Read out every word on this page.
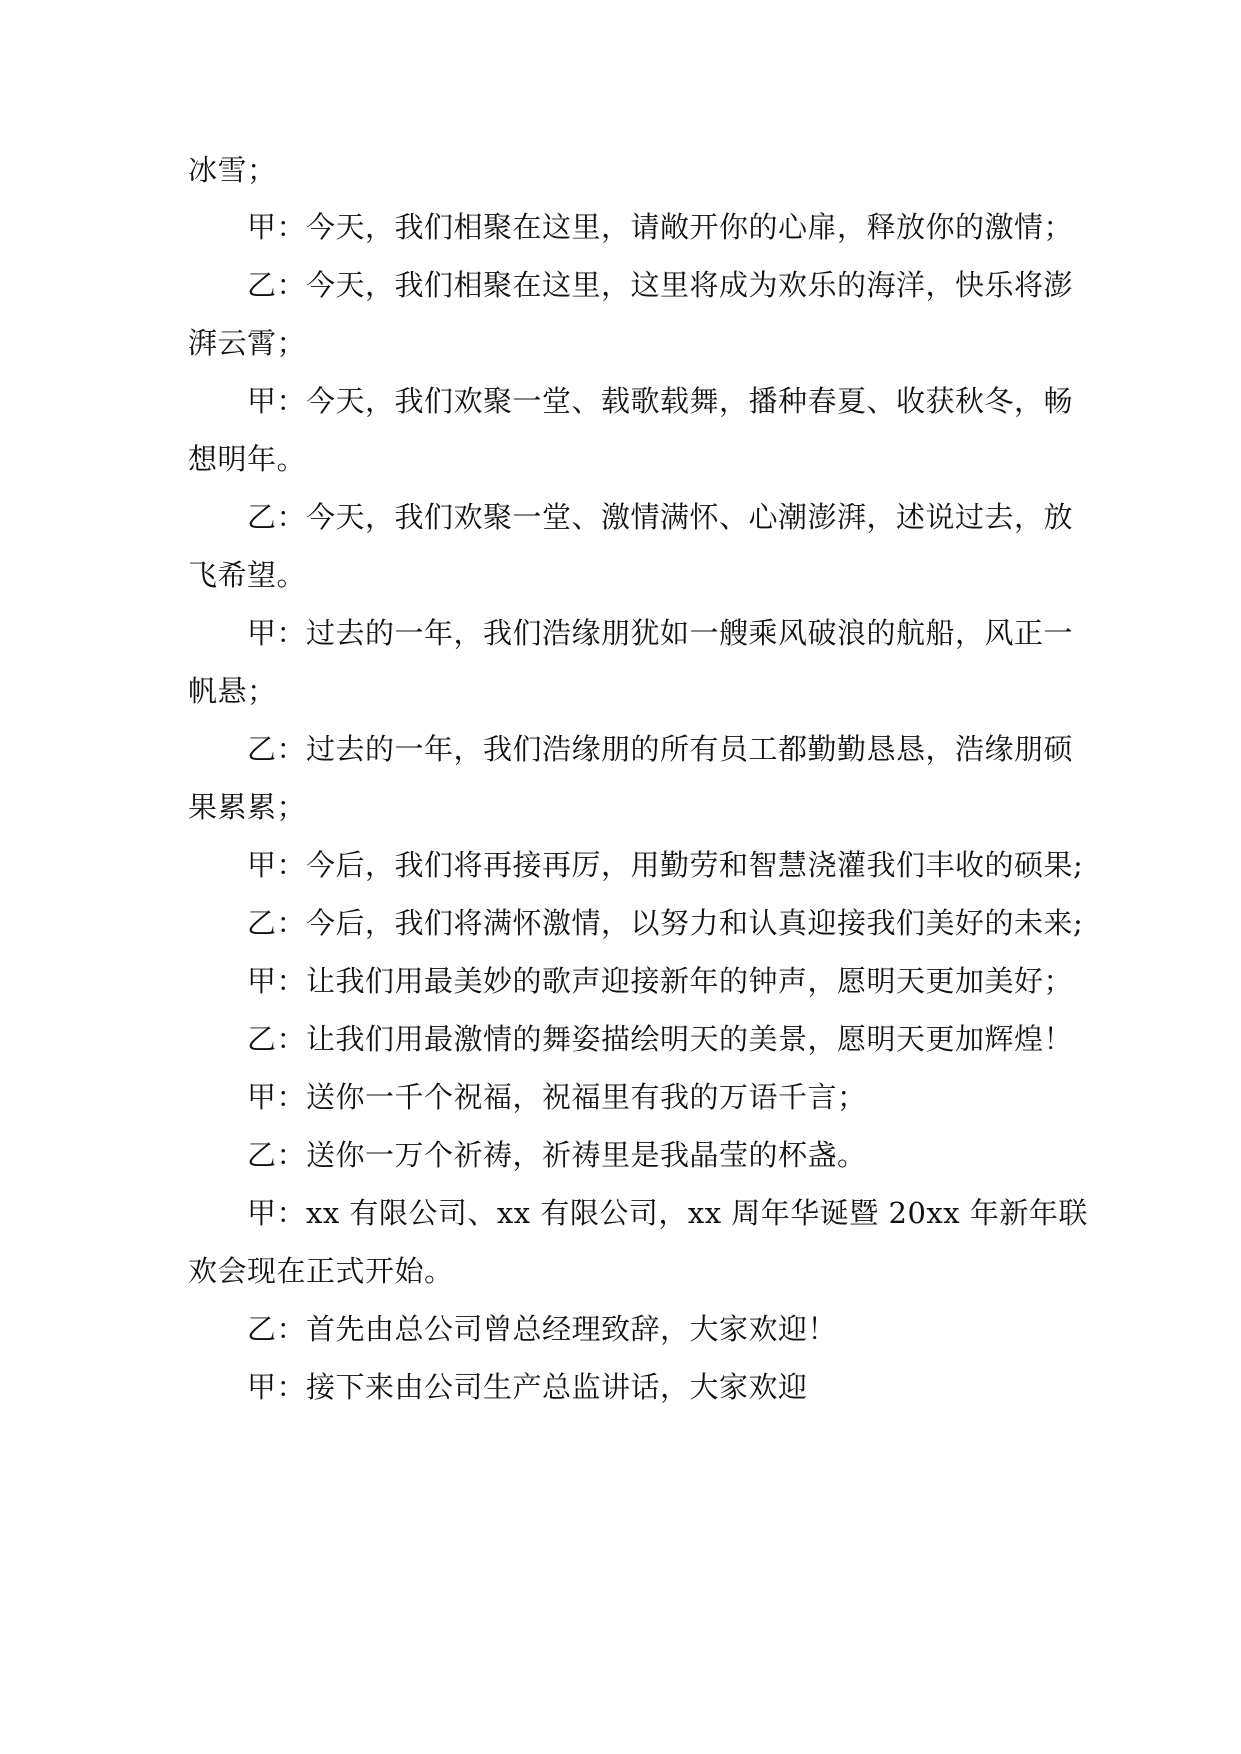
冰雪；
甲：今天，我们相聚在这里，请敞开你的心扉，释放你的激情；
乙：今天，我们相聚在这里，这里将成为欢乐的海洋，快乐将澎
湃云霄；
甲：今天，我们欢聚一堂、载歌载舞，播种春夏、收获秋冬，畅
想明年。
乙：今天，我们欢聚一堂、激情满怀、心潮澎湃，述说过去，放
飞希望。
甲：过去的一年，我们浩缘朋犹如一艘乘风破浪的航船，风正一
帆悬；
乙：过去的一年，我们浩缘朋的所有员工都勤勤恳恳，浩缘朋硕
果累累；
甲：今后，我们将再接再厉，用勤劳和智慧浇灌我们丰收的硕果;
乙：今后，我们将满怀激情，以努力和认真迎接我们美好的未来;
甲：让我们用最美妙的歌声迎接新年的钟声，愿明天更加美好；
乙：让我们用最激情的舞姿描绘明天的美景，愿明天更加辉煌！
甲：送你一千个祝福，祝福里有我的万语千言；
乙：送你一万个祈祷，祈祷里是我晶莹的杯盏。
甲：xx 有限公司、xx 有限公司，xx 周年华诞暨 20xx 年新年联
欢会现在正式开始。
乙：首先由总公司曾总经理致辞，大家欢迎！
甲：接下来由公司生产总监讲话，大家欢迎
